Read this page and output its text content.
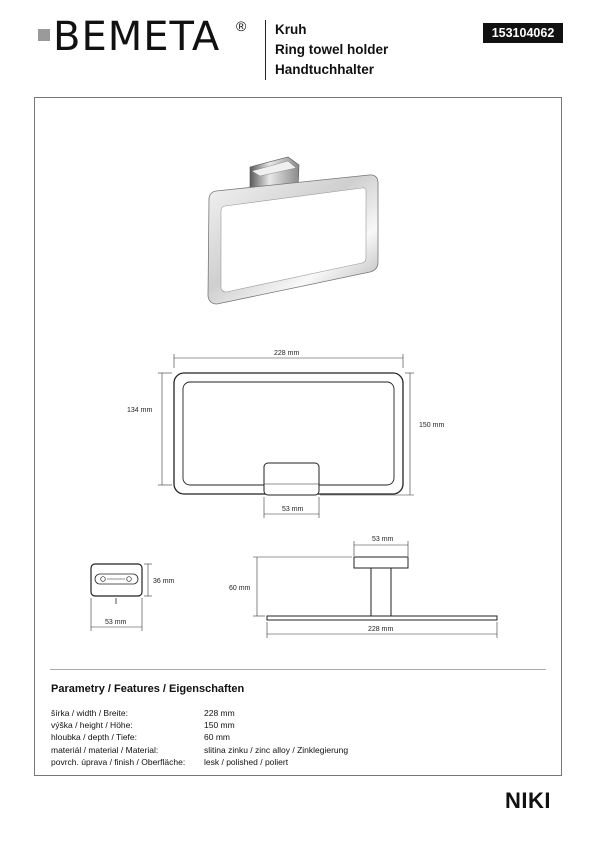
BEMETA ® Kruh
Ring towel holder
Handtuchhalter
153104062
228 mm
134 mm
150 mm
53 mm
36 mm
53 mm
53 mm
60 mm
228 mm
Parametry / Features / Eigenschaften
šírka / width / Breite:	228 mm
výška / height / Höhe:	150 mm
hloubka / depth / Tiefe:	60 mm
materiál / material / Material:	slitina zinku / zinc alloy / Zinklegierung
povrch. úprava / finish / Oberfläche:	lesk / polished / poliert
NIKI
